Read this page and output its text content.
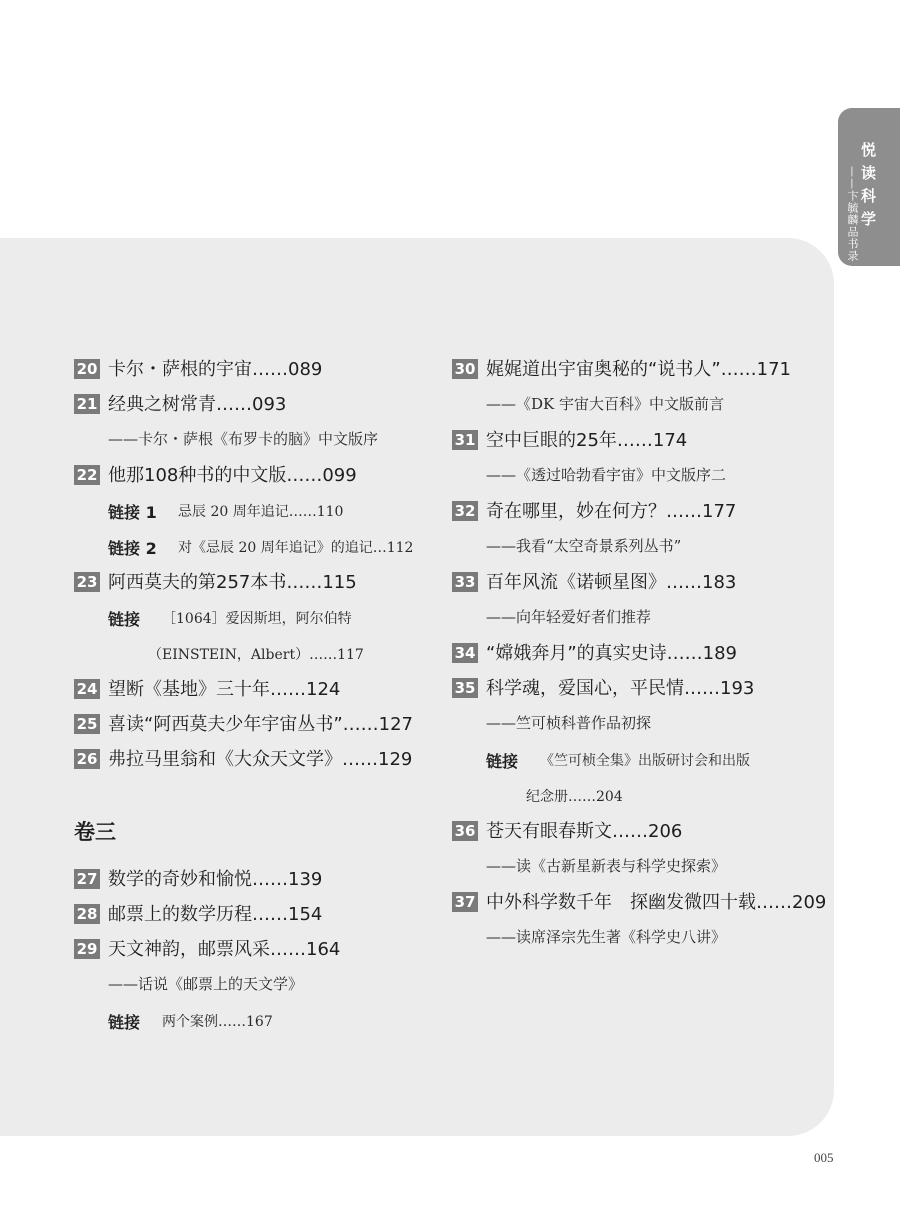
悦读科学
——卞毓麟品书录
20 卡尔・萨根的宇宙……089
21 经典之树常青……093
——卡尔・萨根《布罗卡的脑》中文版序
22 他那108种书的中文版……099
链接 1 忌辰 20 周年追记……110
链接 2 对《忌辰 20 周年追记》的追记…112
23 阿西莫夫的第257本书……115
链接 ［1064］爱因斯坦，阿尔伯特
（EINSTEIN，Albert）……117
24 望断《基地》三十年……124
25 喜读“阿西莫夫少年宇宙丛书”……127
26 弗拉马里翁和《大众天文学》……129
卷三
27 数学的奇妙和愉悦……139
28 邮票上的数学历程……154
29 天文神韵，邮票风采……164
——话说《邮票上的天文学》
链接 两个案例……167
30 娓娓道出宇宙奥秘的“说书人”……171
——《DK 宇宙大百科》中文版前言
31 空中巨眼的25年……174
——《透过哈勃看宇宙》中文版序二
32 奇在哪里，妙在何方？……177
——我看“太空奇景系列丛书”
33 百年风流《诺顿星图》……183
——向年轻爱好者们推荐
34 “嫦娥奔月”的真实史诗……189
35 科学魂，爱国心，平民情……193
——竺可桢科普作品初探
链接 《竺可桢全集》出版研讨会和出版
纪念册……204
36 苍天有眼春斯文……206
——读《古新星新表与科学史探索》
37 中外科学数千年　探幽发微四十载……209
——读席泽宗先生著《科学史八讲》
005
